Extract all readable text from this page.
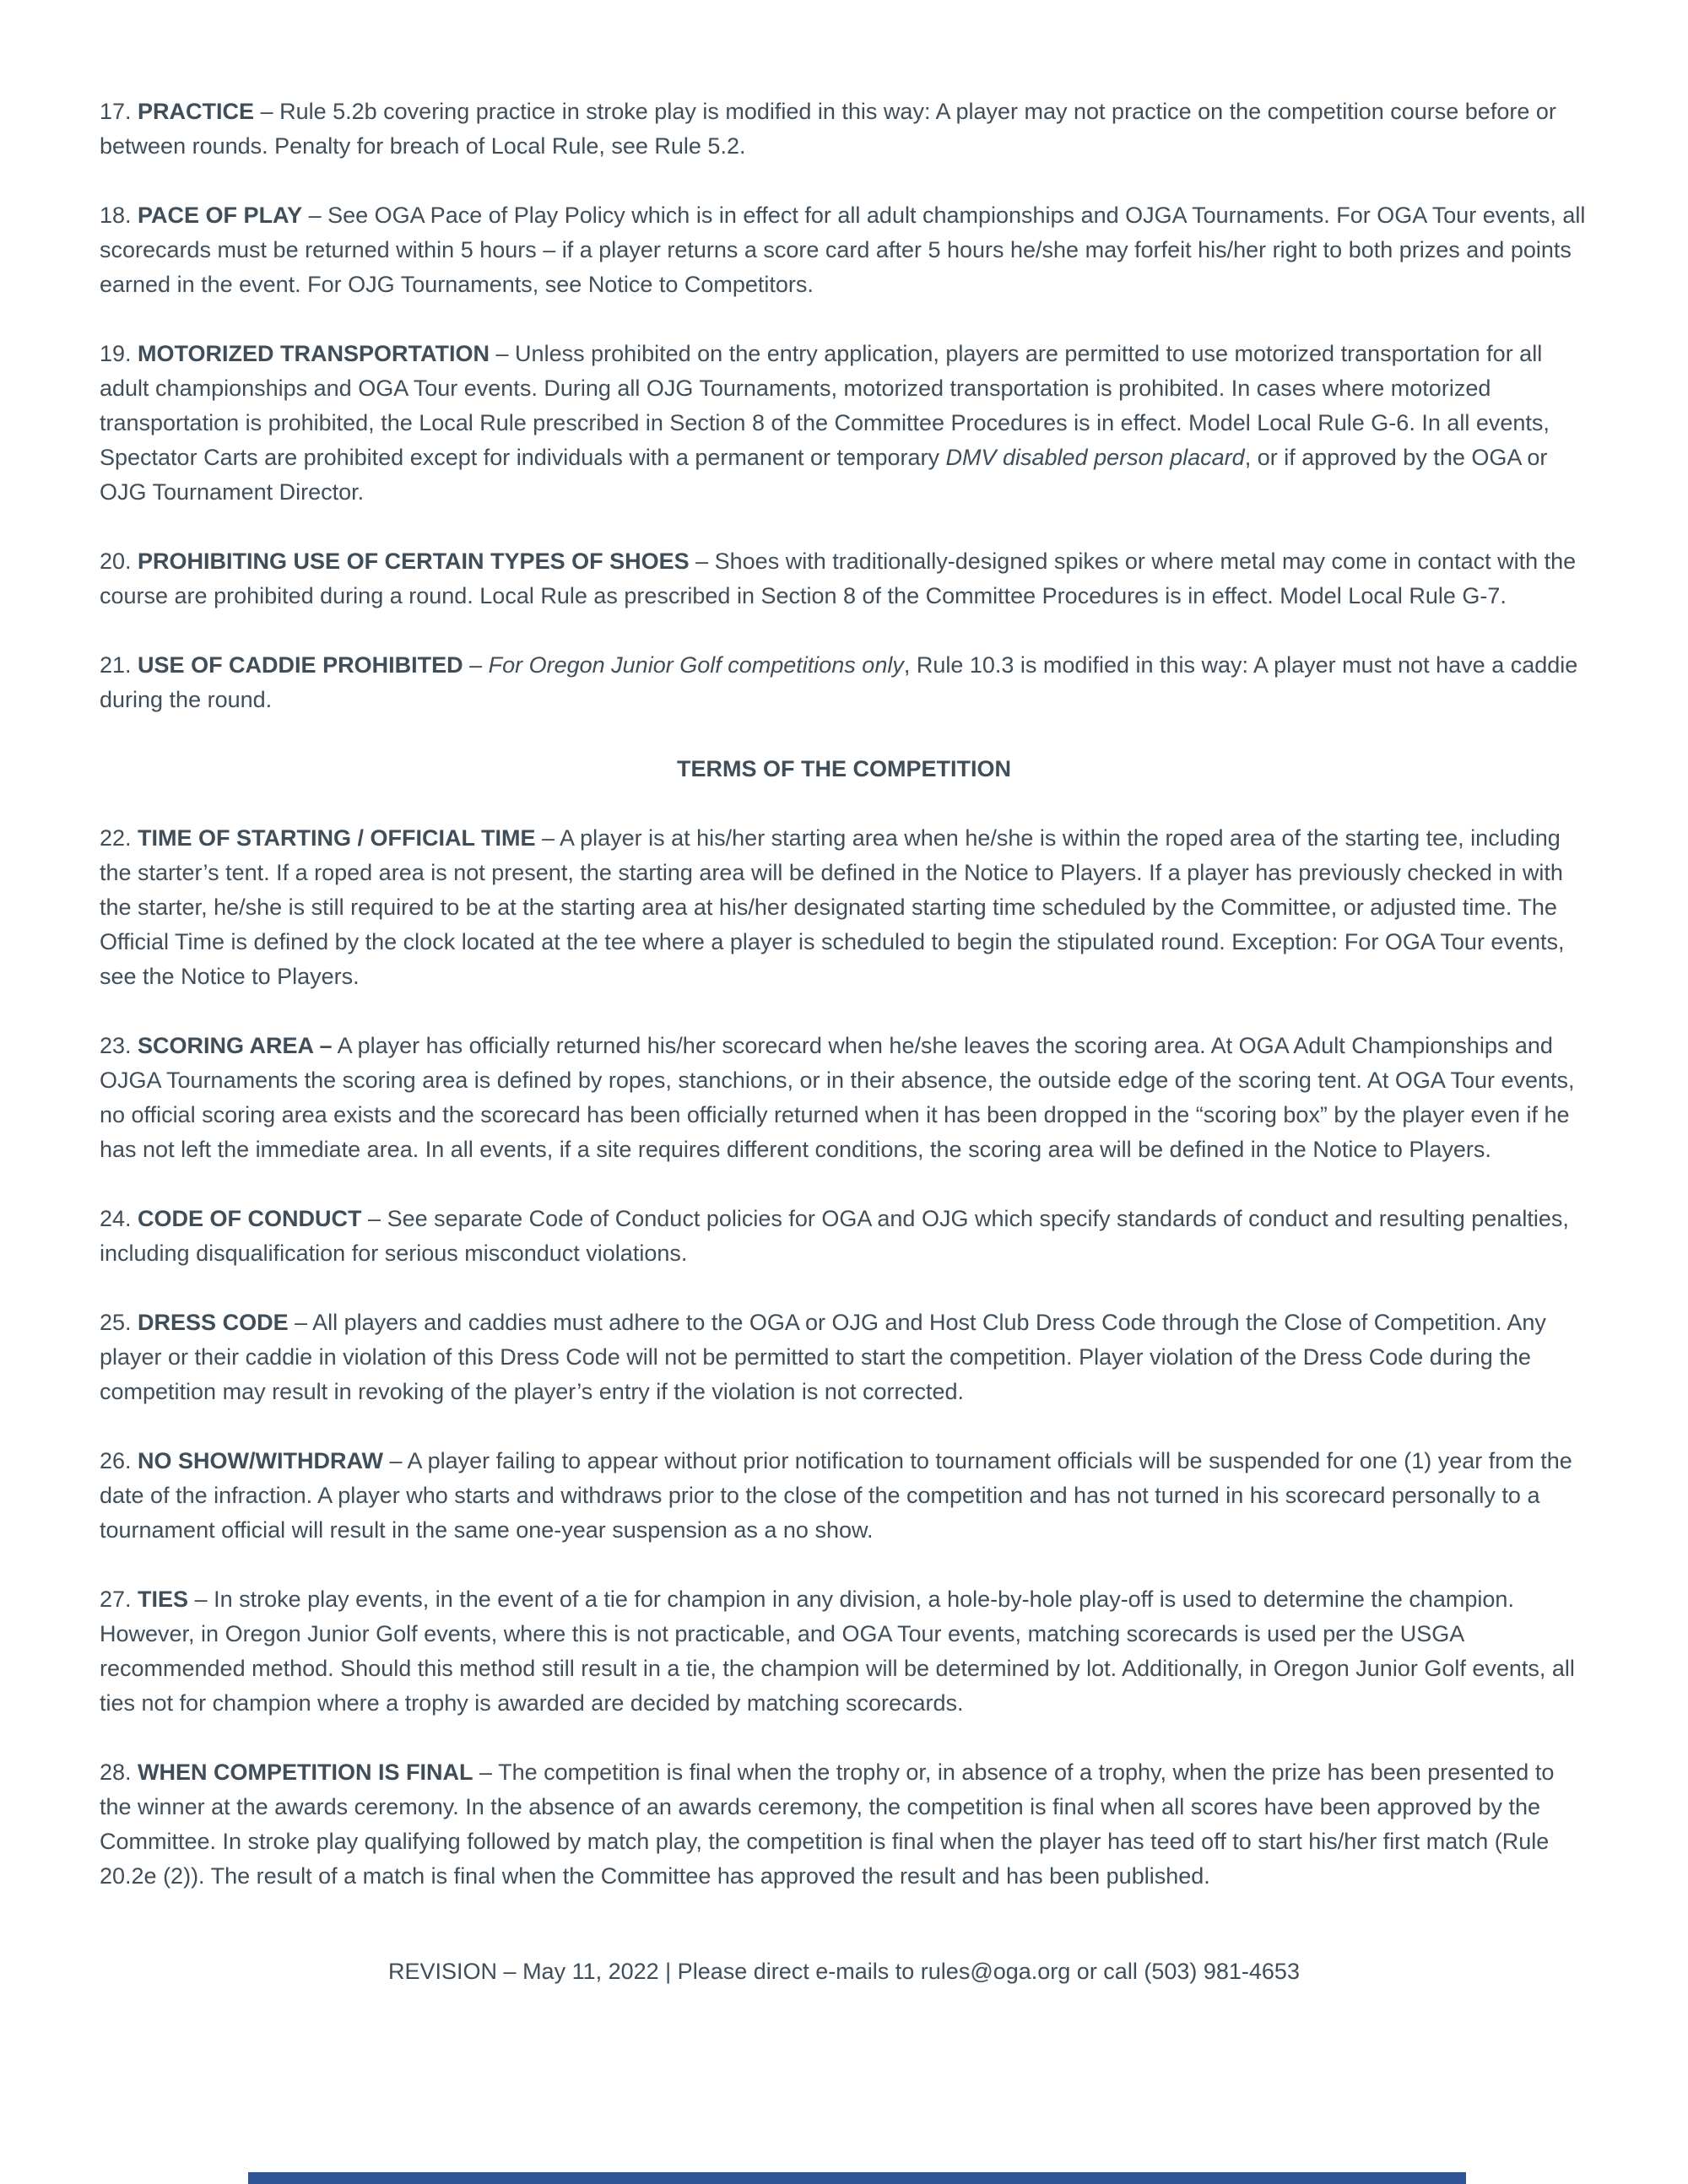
17. PRACTICE – Rule 5.2b covering practice in stroke play is modified in this way: A player may not practice on the competition course before or between rounds. Penalty for breach of Local Rule, see Rule 5.2.

18. PACE OF PLAY – See OGA Pace of Play Policy which is in effect for all adult championships and OJGA Tournaments. For OGA Tour events, all scorecards must be returned within 5 hours – if a player returns a score card after 5 hours he/she may forfeit his/her right to both prizes and points earned in the event. For OJG Tournaments, see Notice to Competitors.

19. MOTORIZED TRANSPORTATION – Unless prohibited on the entry application, players are permitted to use motorized transportation for all adult championships and OGA Tour events. During all OJG Tournaments, motorized transportation is prohibited. In cases where motorized transportation is prohibited, the Local Rule prescribed in Section 8 of the Committee Procedures is in effect. Model Local Rule G-6. In all events, Spectator Carts are prohibited except for individuals with a permanent or temporary DMV disabled person placard, or if approved by the OGA or OJG Tournament Director.

20. PROHIBITING USE OF CERTAIN TYPES OF SHOES – Shoes with traditionally-designed spikes or where metal may come in contact with the course are prohibited during a round. Local Rule as prescribed in Section 8 of the Committee Procedures is in effect. Model Local Rule G-7.

21. USE OF CADDIE PROHIBITED – For Oregon Junior Golf competitions only, Rule 10.3 is modified in this way: A player must not have a caddie during the round.

TERMS OF THE COMPETITION

22. TIME OF STARTING / OFFICIAL TIME – A player is at his/her starting area when he/she is within the roped area of the starting tee, including the starter’s tent. If a roped area is not present, the starting area will be defined in the Notice to Players. If a player has previously checked in with the starter, he/she is still required to be at the starting area at his/her designated starting time scheduled by the Committee, or adjusted time. The Official Time is defined by the clock located at the tee where a player is scheduled to begin the stipulated round. Exception: For OGA Tour events, see the Notice to Players.

23. SCORING AREA – A player has officially returned his/her scorecard when he/she leaves the scoring area. At OGA Adult Championships and OJGA Tournaments the scoring area is defined by ropes, stanchions, or in their absence, the outside edge of the scoring tent. At OGA Tour events, no official scoring area exists and the scorecard has been officially returned when it has been dropped in the “scoring box” by the player even if he has not left the immediate area. In all events, if a site requires different conditions, the scoring area will be defined in the Notice to Players.

24. CODE OF CONDUCT – See separate Code of Conduct policies for OGA and OJG which specify standards of conduct and resulting penalties, including disqualification for serious misconduct violations.

25. DRESS CODE – All players and caddies must adhere to the OGA or OJG and Host Club Dress Code through the Close of Competition. Any player or their caddie in violation of this Dress Code will not be permitted to start the competition. Player violation of the Dress Code during the competition may result in revoking of the player’s entry if the violation is not corrected.

26. NO SHOW/WITHDRAW – A player failing to appear without prior notification to tournament officials will be suspended for one (1) year from the date of the infraction. A player who starts and withdraws prior to the close of the competition and has not turned in his scorecard personally to a tournament official will result in the same one-year suspension as a no show.

27. TIES – In stroke play events, in the event of a tie for champion in any division, a hole-by-hole play-off is used to determine the champion. However, in Oregon Junior Golf events, where this is not practicable, and OGA Tour events, matching scorecards is used per the USGA recommended method. Should this method still result in a tie, the champion will be determined by lot. Additionally, in Oregon Junior Golf events, all ties not for champion where a trophy is awarded are decided by matching scorecards.

28. WHEN COMPETITION IS FINAL – The competition is final when the trophy or, in absence of a trophy, when the prize has been presented to the winner at the awards ceremony. In the absence of an awards ceremony, the competition is final when all scores have been approved by the Committee. In stroke play qualifying followed by match play, the competition is final when the player has teed off to start his/her first match (Rule 20.2e (2)). The result of a match is final when the Committee has approved the result and has been published.

REVISION – May 11, 2022 | Please direct e-mails to rules@oga.org or call (503) 981-4653
